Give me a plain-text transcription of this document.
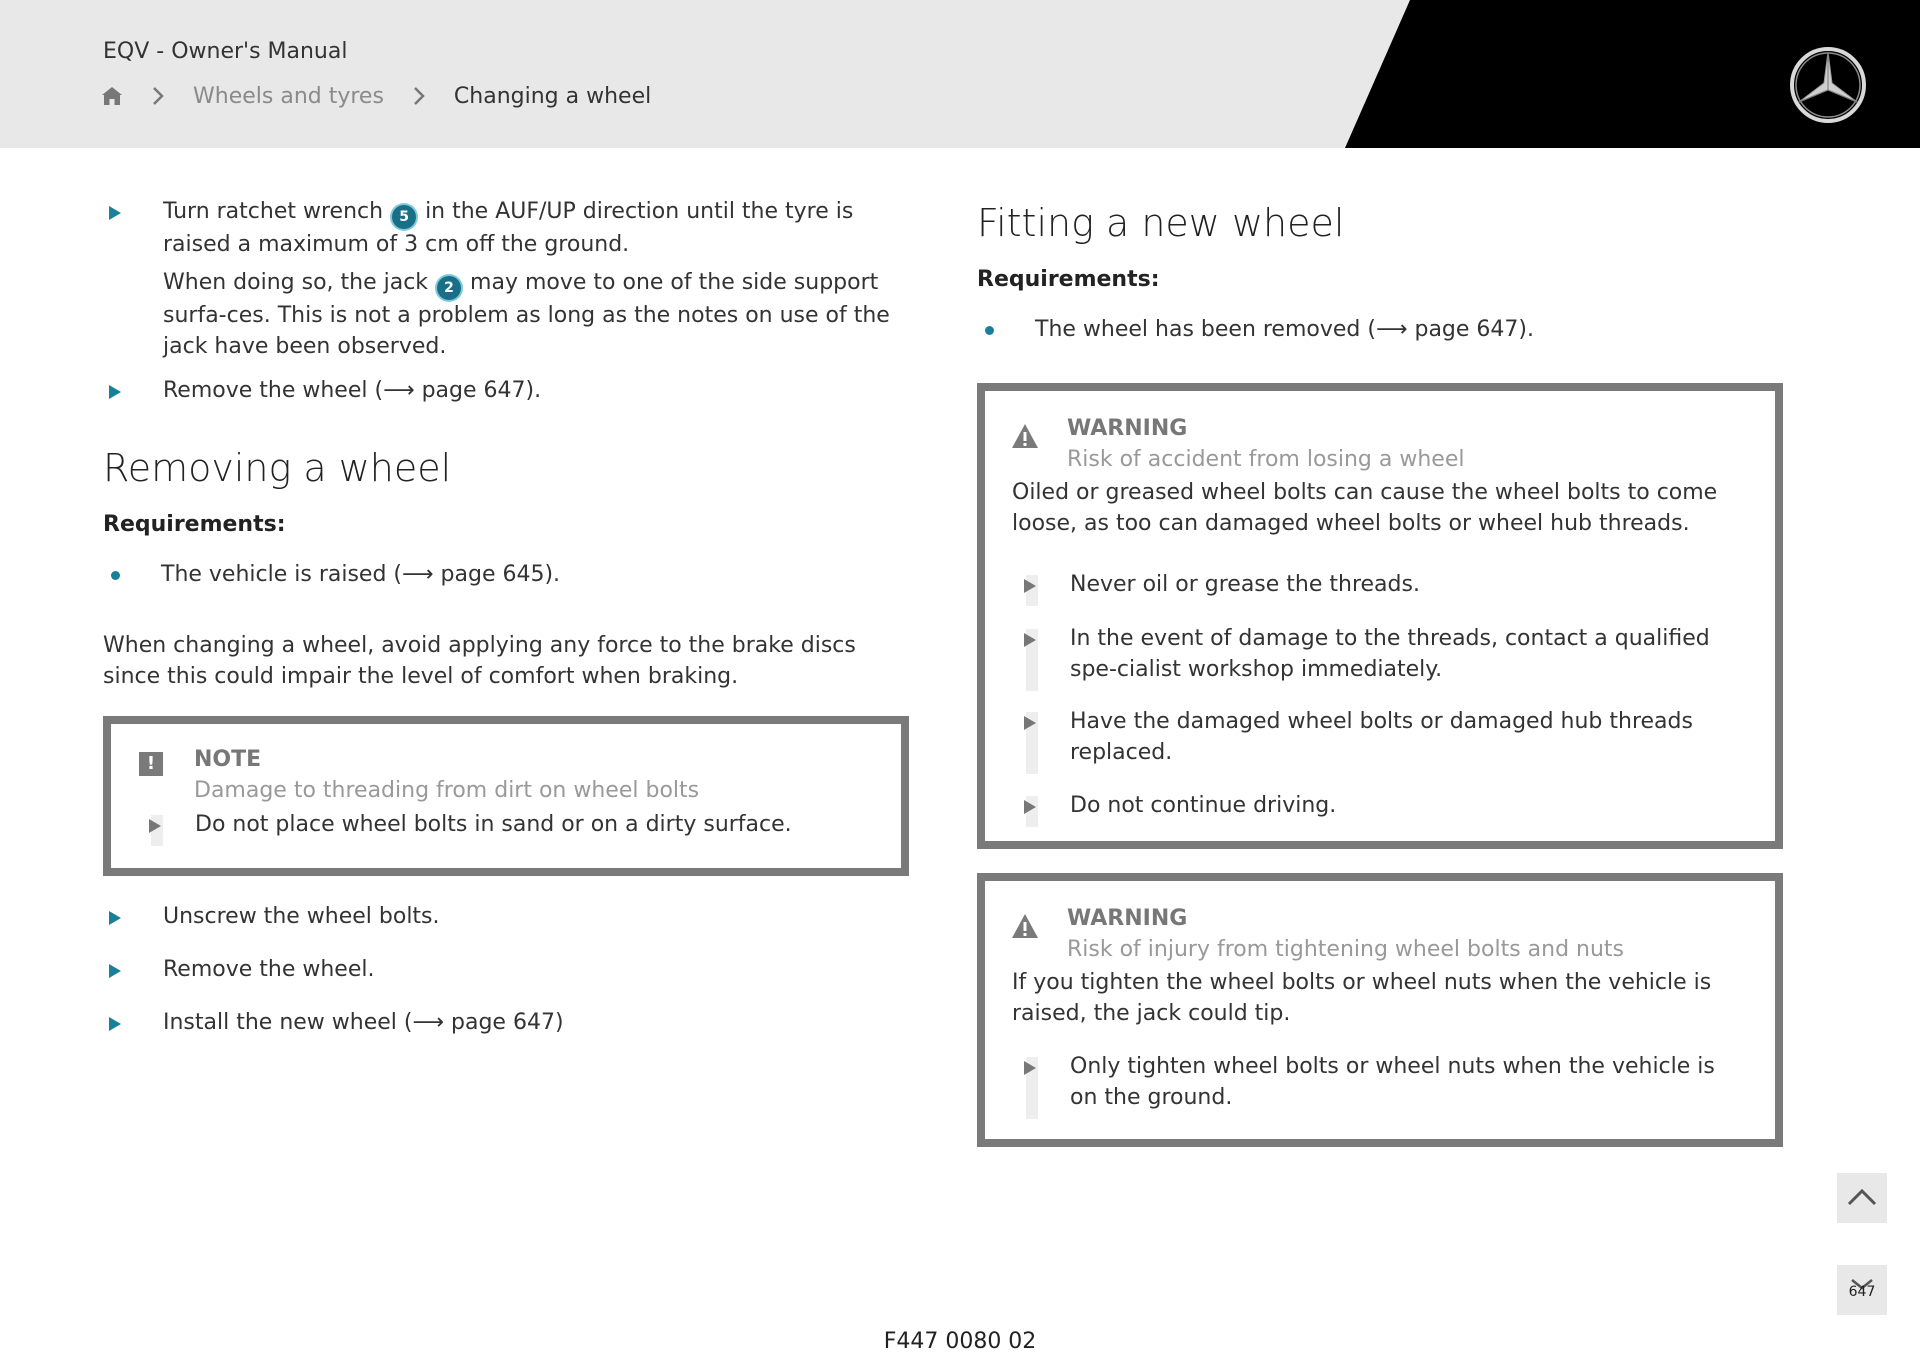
EQV - Owner's Manual
Wheels and tyres	Changing a wheel

Turn ratchet wrench 5 in the AUF/UP direction until the tyre is raised a maximum of 3 cm off the ground.

When doing so, the jack 2 may move to one of the side support surfa-ces. This is not a problem as long as the notes on use of the jack have been observed.

Remove the wheel (⟶ page 647).

Removing a wheel
Requirements:
The vehicle is raised (⟶ page 645).
When changing a wheel, avoid applying any force to the brake discs since this could impair the level of comfort when braking.
!	NOTE
Damage to threading from dirt on wheel bolts
Do not place wheel bolts in sand or on a dirty surface.

Unscrew the wheel bolts.

Remove the wheel.

Install the new wheel (⟶ page 647)

Fitting a new wheel
Requirements:
The wheel has been removed (⟶ page 647).
WARNING
Risk of accident from losing a wheel
Oiled or greased wheel bolts can cause the wheel bolts to come loose, as too can damaged wheel bolts or wheel hub threads.
Never oil or grease the threads.
In the event of damage to the threads, contact a qualified spe-cialist workshop immediately.
Have the damaged wheel bolts or damaged hub threads replaced.
Do not continue driving.
WARNING
Risk of injury from tightening wheel bolts and nuts
If you tighten the wheel bolts or wheel nuts when the vehicle is raised, the jack could tip.
Only tighten wheel bolts or wheel nuts when the vehicle is on the ground.
647
F447 0080 02
